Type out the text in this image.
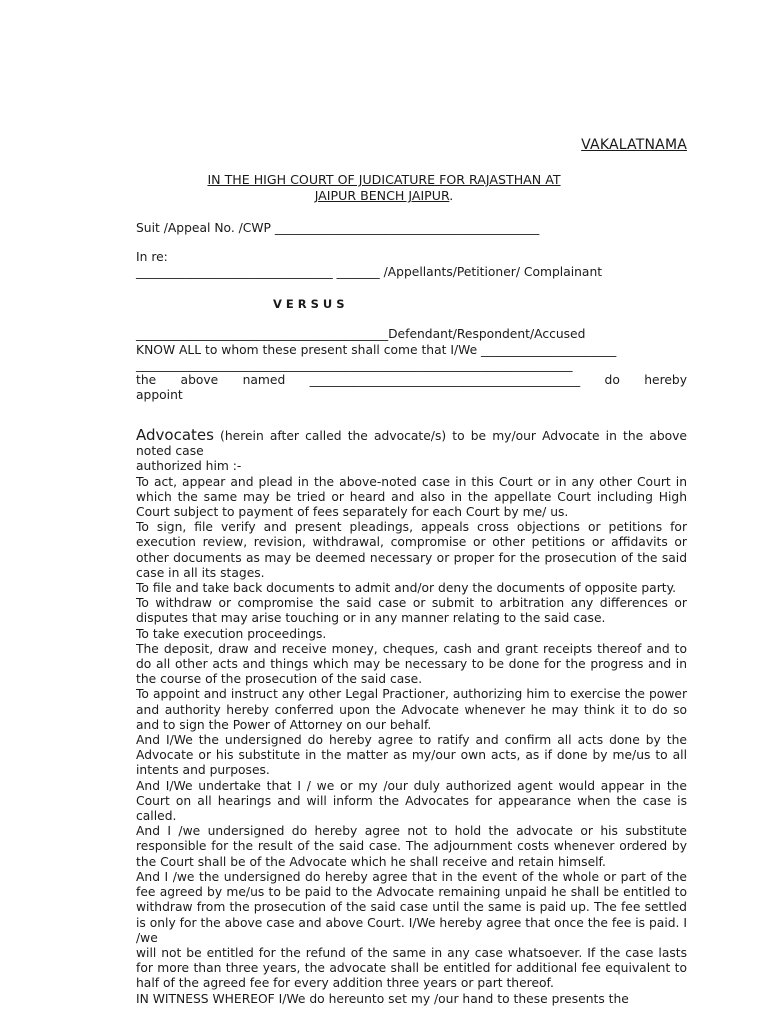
VAKALATNAMA
IN THE HIGH COURT OF JUDICATURE FOR RAJASTHAN AT
JAIPUR BENCH JAIPUR.
Suit /Appeal No. /CWP ___________________________________________
In re:
________________________________ _______ /Appellants/Petitioner/ Complainant
VERSUS
_________________________________________Defendant/Respondent/Accused
KNOW ALL to whom these present shall come that I/We ______________________
_______________________________________________________________________
the above named ____________________________________________ do hereby
appoint

Advocates (herein after called the advocate/s) to be my/our Advocate in the above noted case

authorized him :-

To act, appear and plead in the above-noted case in this Court or in any other Court in which the same may be tried or heard and also in the appellate Court including High Court subject to payment of fees separately for each Court by me/ us.

To sign, file verify and present pleadings, appeals cross objections or petitions for execution review, revision, withdrawal, compromise or other petitions or affidavits or other documents as may be deemed necessary or proper for the prosecution of the said case in all its stages.

To file and take back documents to admit and/or deny the documents of opposite party.

To withdraw or compromise the said case or submit to arbitration any differences or disputes that may arise touching or in any manner relating to the said case.

To take execution proceedings.

The deposit, draw and receive money, cheques, cash and grant receipts thereof and to do all other acts and things which may be necessary to be done for the progress and in the course of the prosecution of the said case.

To appoint and instruct any other Legal Practioner, authorizing him to exercise the power and authority hereby conferred upon the Advocate whenever he may think it to do so and to sign the Power of Attorney on our behalf.

And I/We the undersigned do hereby agree to ratify and confirm all acts done by the Advocate or his substitute in the matter as my/our own acts, as if done by me/us to all intents and purposes.

And I/We undertake that I / we or my /our duly authorized agent would appear in the Court on all hearings and will inform the Advocates for appearance when the case is called.

And I /we undersigned do hereby agree not to hold the advocate or his substitute responsible for the result of the said case. The adjournment costs whenever ordered by the Court shall be of the Advocate which he shall receive and retain himself.

And I /we the undersigned do hereby agree that in the event of the whole or part of the fee agreed by me/us to be paid to the Advocate remaining unpaid he shall be entitled to withdraw from the prosecution of the said case until the same is paid up. The fee settled is only for the above case and above Court. I/We hereby agree that once the fee is paid. I /we

will not be entitled for the refund of the same in any case whatsoever. If the case lasts for more than three years, the advocate shall be entitled for additional fee equivalent to half of the agreed fee for every addition three years or part thereof.

IN WITNESS WHEREOF I/We do hereunto set my /our hand to these presents the
